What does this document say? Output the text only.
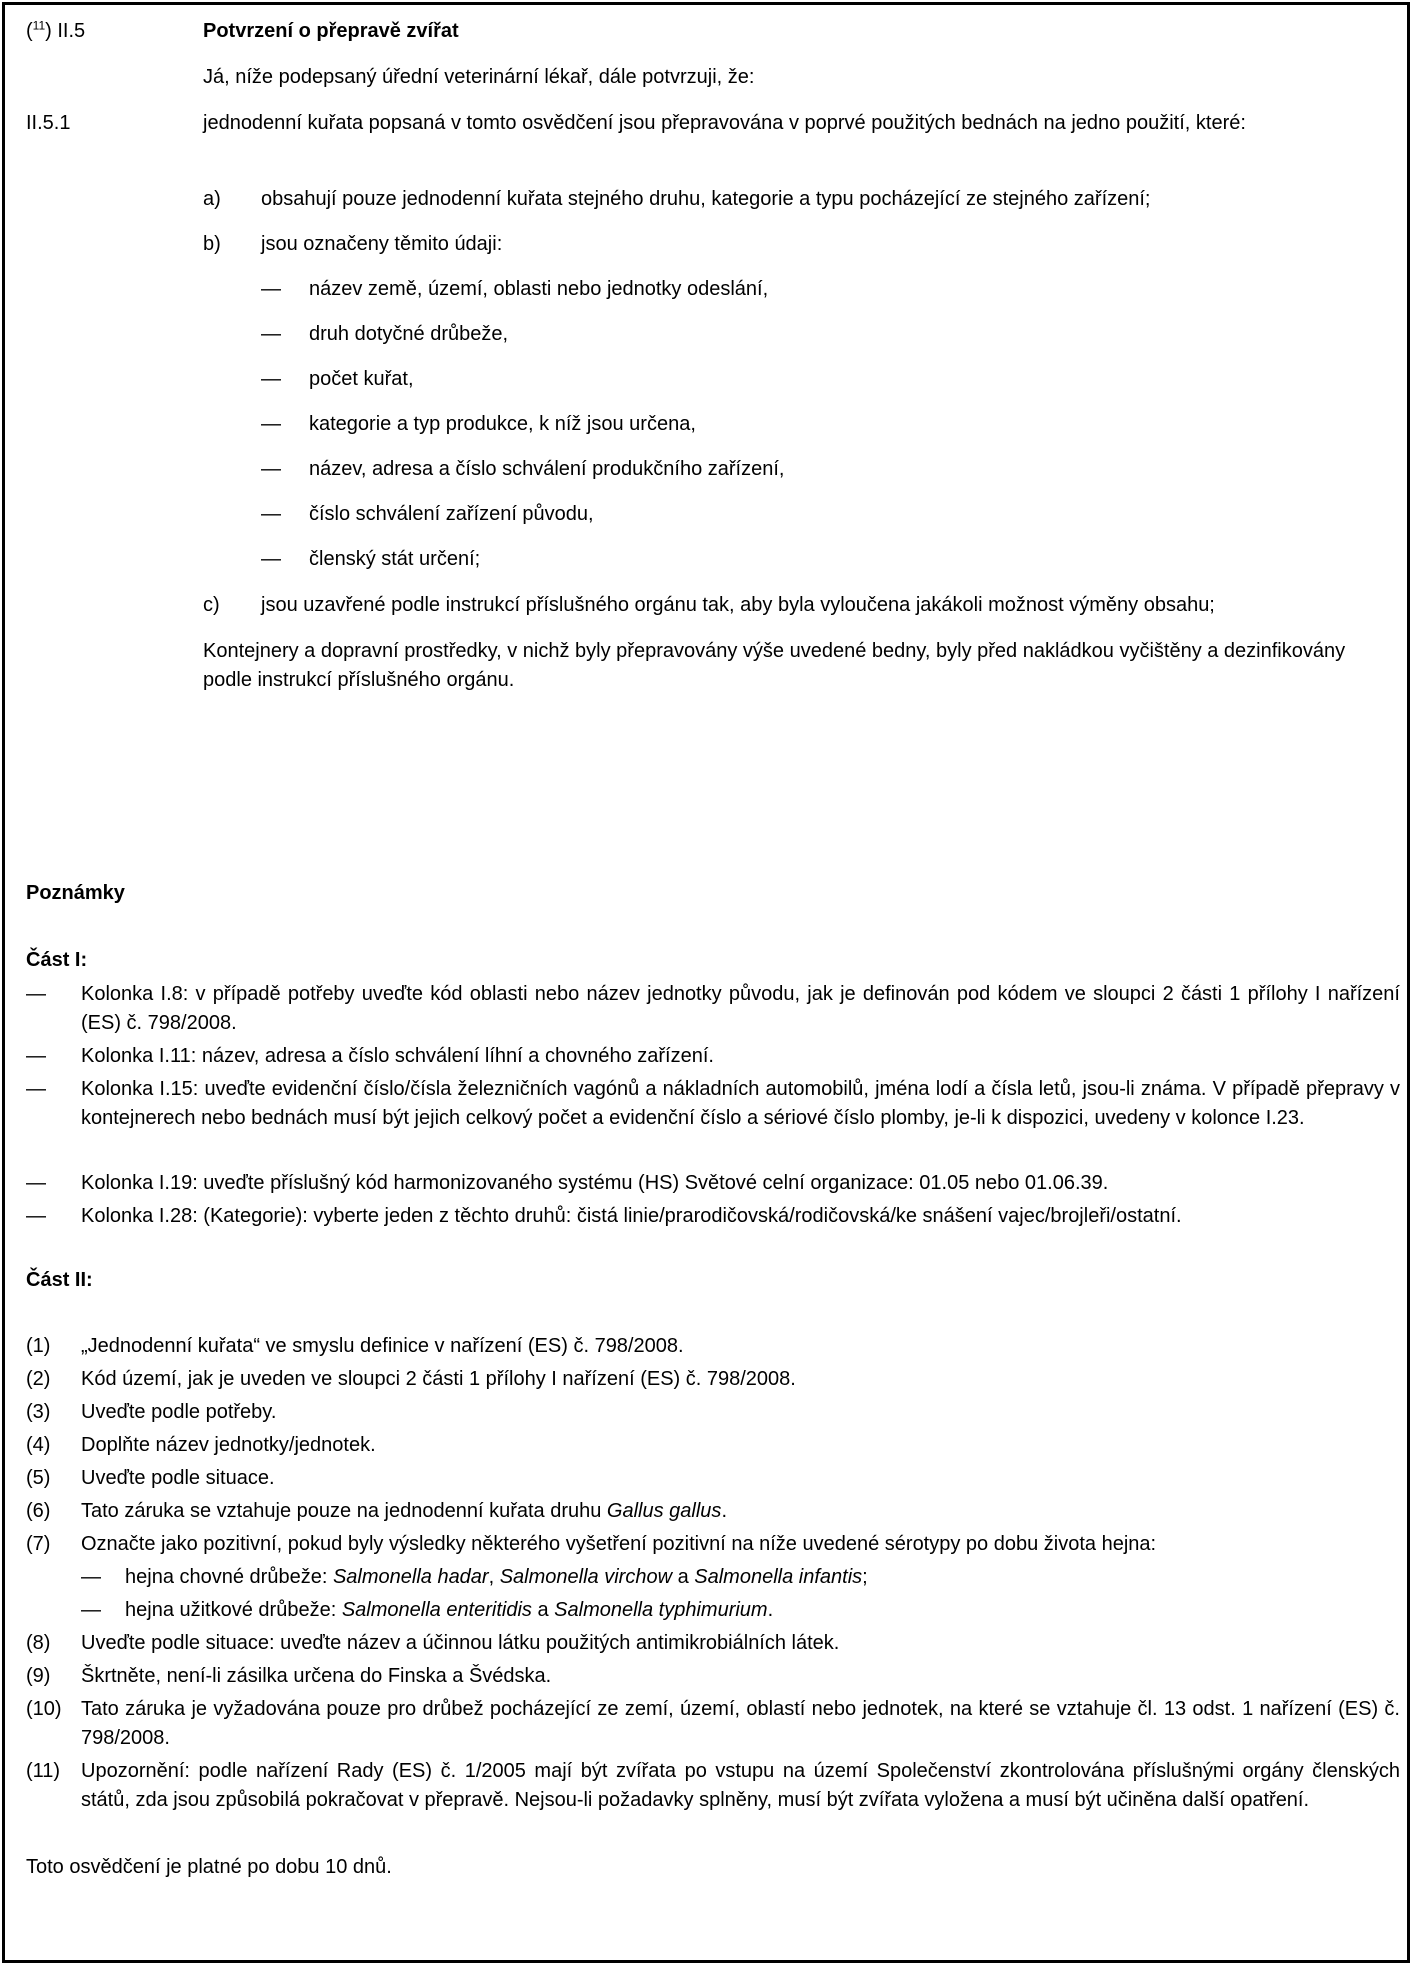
($^{11}$) II.5	Potvrzení o přepravě zvířat
Já, níže podepsaný úřední veterinární lékař, dále potvrzuji, že:
II.5.1	jednodenní kuřata popsaná v tomto osvědčení jsou přepravována v poprvé použitých bednách na jedno použití, které:
a) obsahují pouze jednodenní kuřata stejného druhu, kategorie a typu pocházející ze stejného zařízení;
b) jsou označeny těmito údaji:
— název země, území, oblasti nebo jednotky odeslání,
— druh dotyčné drůbeže,
— počet kuřat,
— kategorie a typ produkce, k níž jsou určena,
— název, adresa a číslo schválení produkčního zařízení,
— číslo schválení zařízení původu,
— členský stát určení;
c) jsou uzavřené podle instrukcí příslušného orgánu tak, aby byla vyloučena jakákoli možnost výměny obsahu;
Kontejnery a dopravní prostředky, v nichž byly přepravovány výše uvedené bedny, byly před nakládkou vyčištěny a dezinfikovány podle instrukcí příslušného orgánu.
Poznámky
Část I:
— Kolonka I.8: v případě potřeby uveďte kód oblasti nebo název jednotky původu, jak je definován pod kódem ve sloupci 2 části 1 přílohy I nařízení (ES) č. 798/2008.
— Kolonka I.11: název, adresa a číslo schválení líhní a chovného zařízení.
— Kolonka I.15: uveďte evidenční číslo/čísla železničních vagónů a nákladních automobilů, jména lodí a čísla letů, jsou-li známa. V případě přepravy v kontejnerech nebo bednách musí být jejich celkový počet a evidenční číslo a sériové číslo plomby, je-li k dispozici, uvedeny v kolonce I.23.
— Kolonka I.19: uveďte příslušný kód harmonizovaného systému (HS) Světové celní organizace: 01.05 nebo 01.06.39.
— Kolonka I.28: (Kategorie): vyberte jeden z těchto druhů: čistá linie/prarodičovská/rodičovská/ke snášení vajec/brojleři/ostatní.
Část II:
(1) „Jednodenní kuřata“ ve smyslu definice v nařízení (ES) č. 798/2008.
(2) Kód území, jak je uveden ve sloupci 2 části 1 přílohy I nařízení (ES) č. 798/2008.
(3) Uveďte podle potřeby.
(4) Doplňte název jednotky/jednotek.
(5) Uveďte podle situace.
(6) Tato záruka se vztahuje pouze na jednodenní kuřata druhu Gallus gallus.
(7) Označte jako pozitivní, pokud byly výsledky některého vyšetření pozitivní na níže uvedené sérotypy po dobu života hejna:
— hejna chovné drůbeže: Salmonella hadar, Salmonella virchow a Salmonella infantis;
— hejna užitkové drůbeže: Salmonella enteritidis a Salmonella typhimurium.
(8) Uveďte podle situace: uveďte název a účinnou látku použitých antimikrobiálních látek.
(9) Škrtněte, není-li zásilka určena do Finska a Švédska.
(10) Tato záruka je vyžadována pouze pro drůbež pocházející ze zemí, území, oblastí nebo jednotek, na které se vztahuje čl. 13 odst. 1 nařízení (ES) č. 798/2008.
(11) Upozornění: podle nařízení Rady (ES) č. 1/2005 mají být zvířata po vstupu na území Společenství zkontrolována příslušnými orgány členských států, zda jsou způsobilá pokračovat v přepravě. Nejsou-li požadavky splněny, musí být zvířata vyložena a musí být učiněna další opatření.
Toto osvědčení je platné po dobu 10 dnů.
